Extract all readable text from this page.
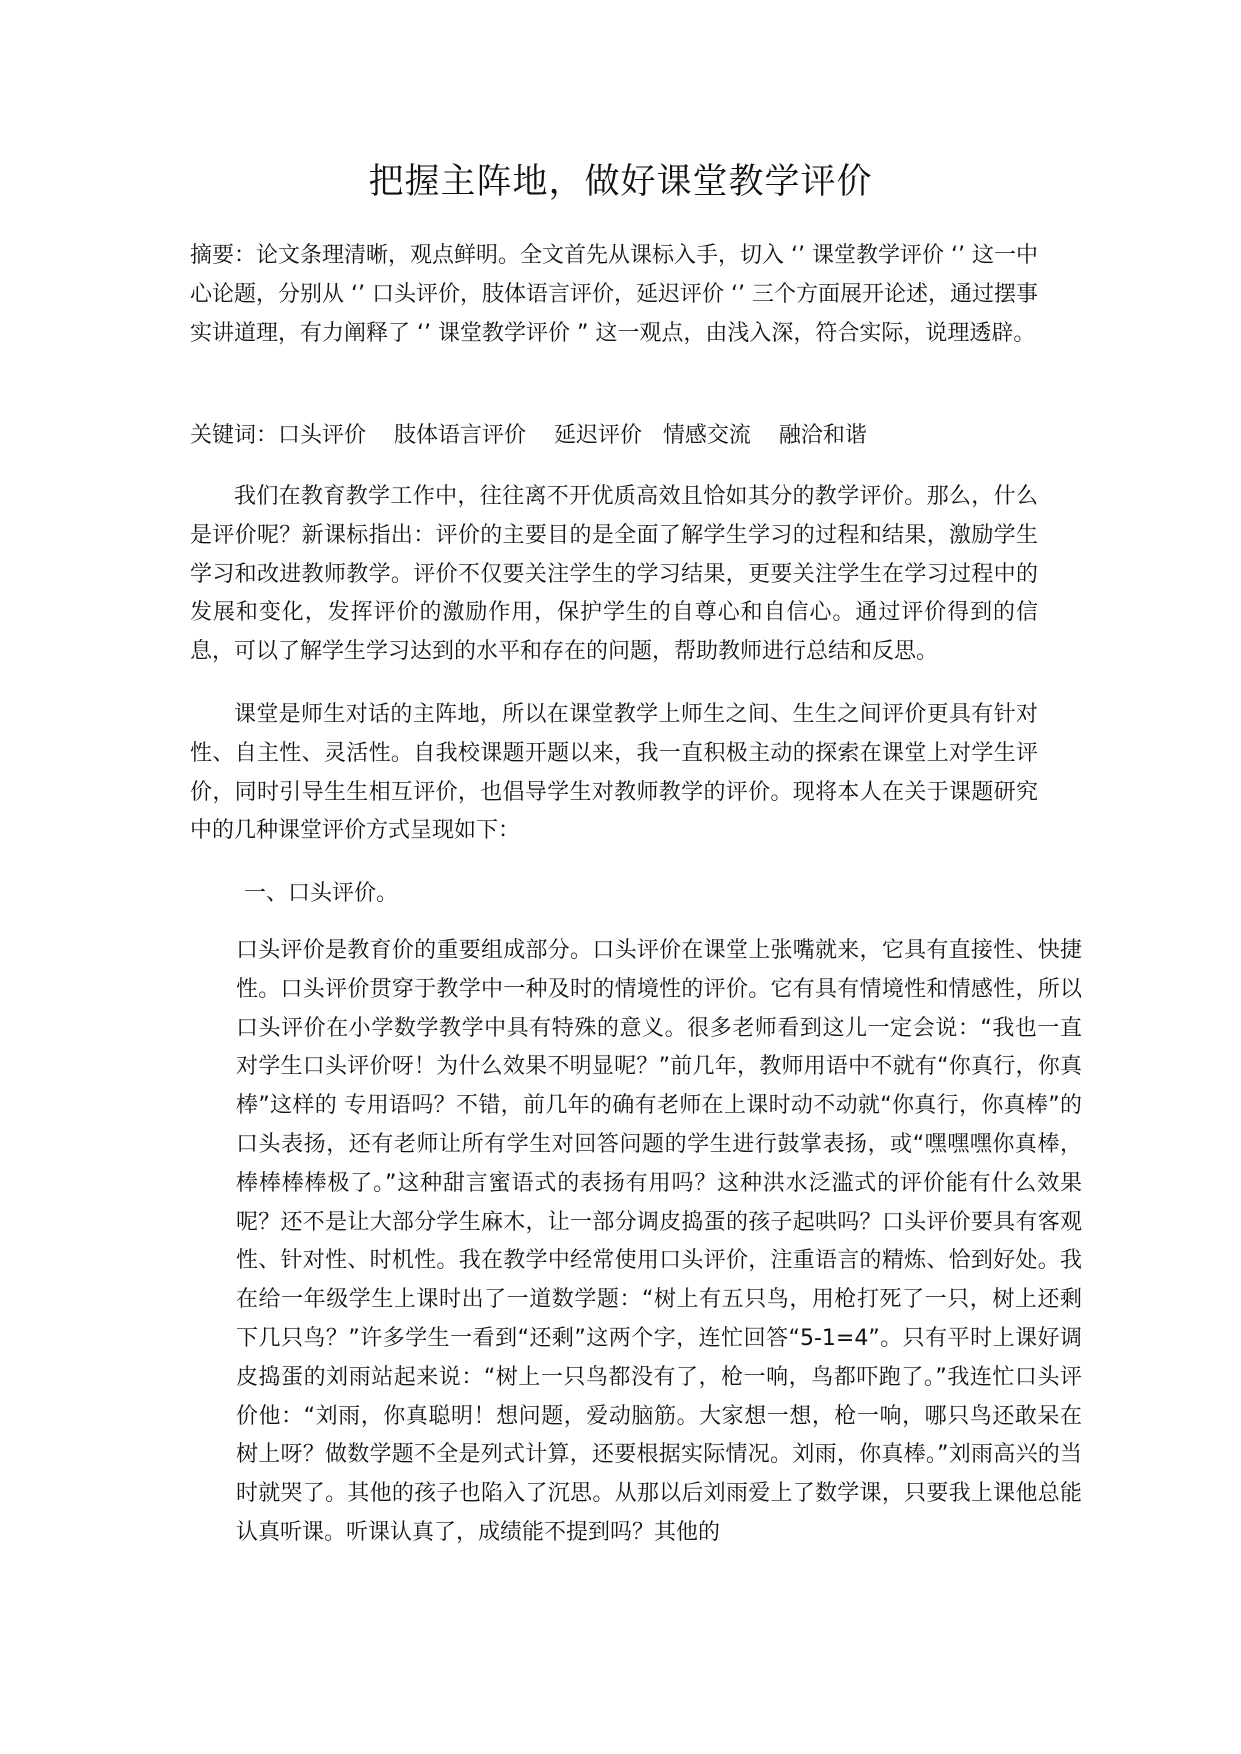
把握主阵地，做好课堂教学评价

摘要：论文条理清晰，观点鲜明。全文首先从课标入手，切入 ‘’ 课堂教学评价 ‘’ 这一中心论题，分别从 ‘’ 口头评价，肢体语言评价，延迟评价 ‘’ 三个方面展开论述，通过摆事实讲道理，有力阐释了 ‘’ 课堂教学评价 ” 这一观点，由浅入深，符合实际，说理透辟。

关键词：口头评价    肢体语言评价    延迟评价   情感交流    融洽和谐

我们在教育教学工作中，往往离不开优质高效且恰如其分的教学评价。那么，什么是评价呢？新课标指出：评价的主要目的是全面了解学生学习的过程和结果，激励学生学习和改进教师教学。评价不仅要关注学生的学习结果，更要关注学生在学习过程中的发展和变化，发挥评价的激励作用，保护学生的自尊心和自信心。通过评价得到的信息，可以了解学生学习达到的水平和存在的问题，帮助教师进行总结和反思。

课堂是师生对话的主阵地，所以在课堂教学上师生之间、生生之间评价更具有针对性、自主性、灵活性。自我校课题开题以来，我一直积极主动的探索在课堂上对学生评价，同时引导生生相互评价，也倡导学生对教师教学的评价。现将本人在关于课题研究中的几种课堂评价方式呈现如下：

一、口头评价。

口头评价是教育价的重要组成部分。口头评价在课堂上张嘴就来，它具有直接性、快捷性。口头评价贯穿于教学中一种及时的情境性的评价。它有具有情境性和情感性，所以口头评价在小学数学教学中具有特殊的意义。很多老师看到这儿一定会说：“我也一直对学生口头评价呀！为什么效果不明显呢？”前几年，教师用语中不就有“你真行，你真棒”这样的 专用语吗？不错，前几年的确有老师在上课时动不动就“你真行，你真棒”的口头表扬，还有老师让所有学生对回答问题的学生进行鼓掌表扬，或“嘿嘿嘿你真棒，棒棒棒棒极了。”这种甜言蜜语式的表扬有用吗？这种洪水泛滥式的评价能有什么效果呢？还不是让大部分学生麻木，让一部分调皮捣蛋的孩子起哄吗？口头评价要具有客观性、针对性、时机性。我在教学中经常使用口头评价，注重语言的精炼、恰到好处。我在给一年级学生上课时出了一道数学题：“树上有五只鸟，用枪打死了一只，树上还剩下几只鸟？”许多学生一看到“还剩”这两个字，连忙回答“5-1=4”。只有平时上课好调皮捣蛋的刘雨站起来说：“树上一只鸟都没有了，枪一响，鸟都吓跑了。”我连忙口头评价他：“刘雨，你真聪明！想问题，爱动脑筋。大家想一想，枪一响，哪只鸟还敢呆在树上呀？做数学题不全是列式计算，还要根据实际情况。刘雨，你真棒。”刘雨高兴的当时就哭了。其他的孩子也陷入了沉思。从那以后刘雨爱上了数学课，只要我上课他总能认真听课。听课认真了，成绩能不提到吗？其他的
